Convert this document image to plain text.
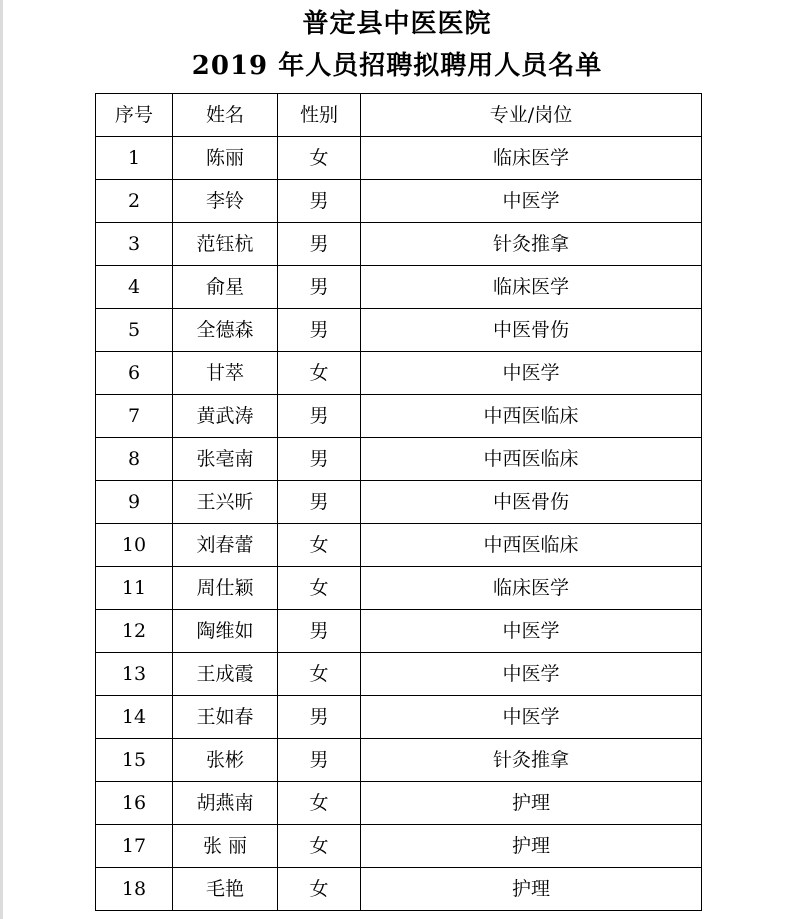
普定县中医医院
2019 年人员招聘拟聘用人员名单
序号	姓名	性别	专业/岗位
1	陈丽	女	临床医学
2	李铃	男	中医学
3	范钰杭	男	针灸推拿
4	俞星	男	临床医学
5	全德森	男	中医骨伤
6	甘萃	女	中医学
7	黄武涛	男	中西医临床
8	张亳南	男	中西医临床
9	王兴昕	男	中医骨伤
10	刘春蕾	女	中西医临床
11	周仕颖	女	临床医学
12	陶维如	男	中医学
13	王成霞	女	中医学
14	王如春	男	中医学
15	张彬	男	针灸推拿
16	胡燕南	女	护理
17	张 丽	女	护理
18	毛艳	女	护理
